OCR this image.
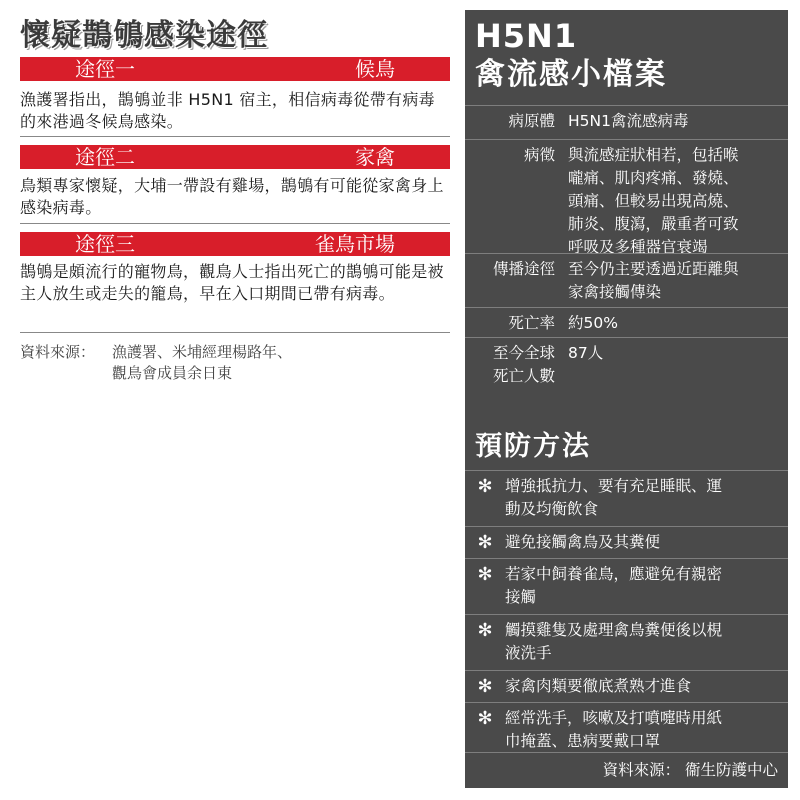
懷疑鵲鴝感染途徑
途徑一	候鳥
漁護署指出，鵲鴝並非 H5N1 宿主，相信病毒從帶有病毒的來港過冬候鳥感染。
途徑二	家禽
鳥類專家懷疑，大埔一帶設有雞場，鵲鴝有可能從家禽身上感染病毒。
途徑三	雀鳥市場
鵲鴝是頗流行的寵物鳥，觀鳥人士指出死亡的鵲鴝可能是被主人放生或走失的籠鳥，早在入口期間已帶有病毒。
資料來源： 漁護署、米埔經理楊路年、
觀鳥會成員余日東
H5N1
禽流感小檔案
病原體 H5N1禽流感病毒
病徵 與流感症狀相若，包括喉
嚨痛、肌肉疼痛、發燒、
頭痛、但較易出現高燒、
肺炎、腹瀉，嚴重者可致
呼吸及多種器官衰竭
傳播途徑 至今仍主要透過近距離與
家禽接觸傳染
死亡率 約50%
至今全球
死亡人數
87人
預防方法
✻ 增強抵抗力、要有充足睡眠、運
動及均衡飲食
✻ 避免接觸禽鳥及其糞便
✻ 若家中飼養雀鳥，應避免有親密
接觸
✻ 觸摸雞隻及處理禽鳥糞便後以梘
液洗手
✻ 家禽肉類要徹底煮熟才進食
✻ 經常洗手，咳嗽及打噴嚏時用紙
巾掩蓋、患病要戴口罩
資料來源： 衞生防護中心
